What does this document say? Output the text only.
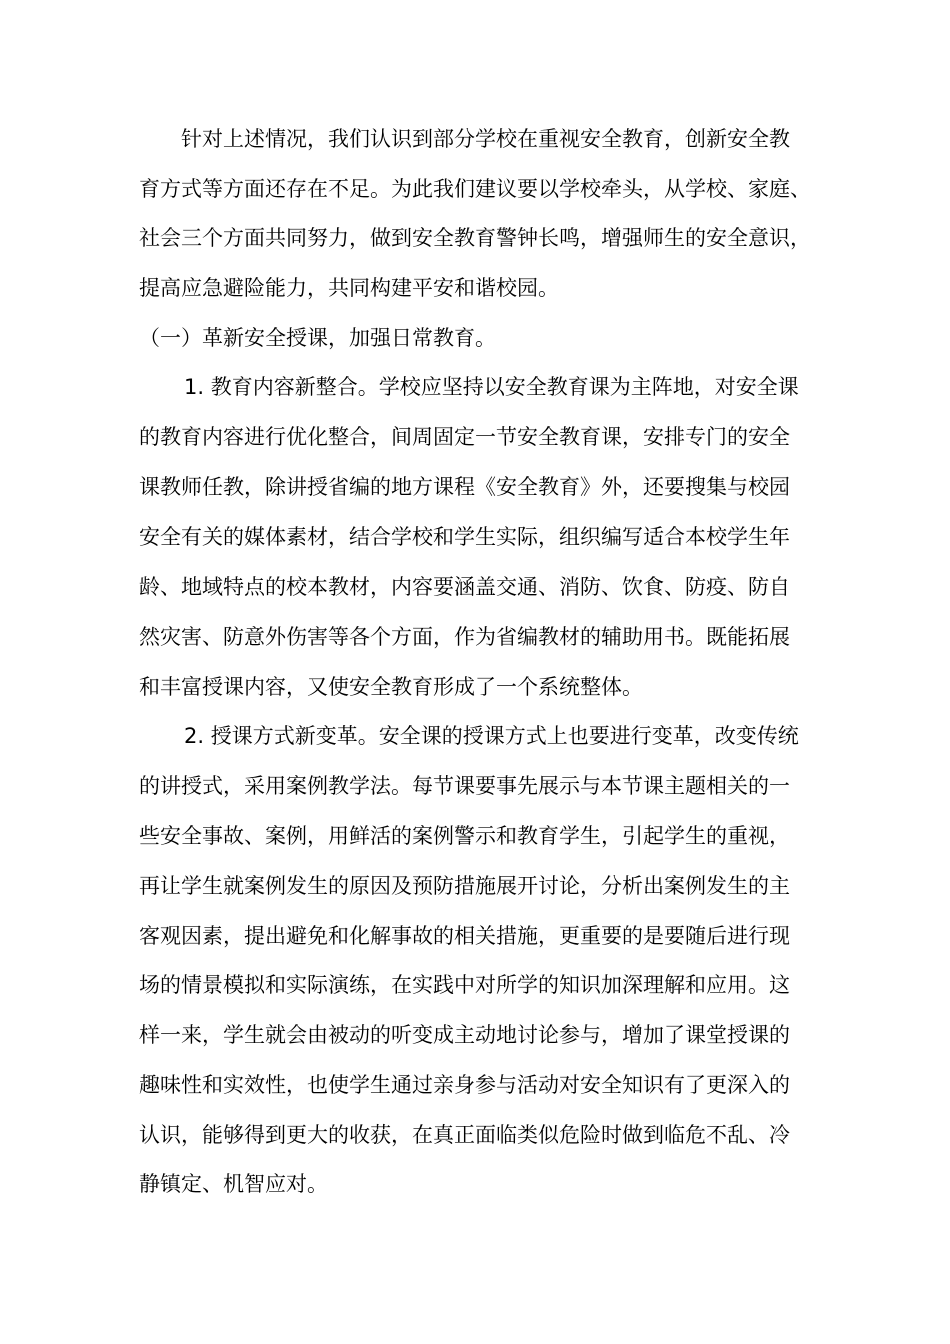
针对上述情况，我们认识到部分学校在重视安全教育，创新安全教
育方式等方面还存在不足。为此我们建议要以学校牵头，从学校、家庭、
社会三个方面共同努力，做到安全教育警钟长鸣，增强师生的安全意识，
提高应急避险能力，共同构建平安和谐校园。
（一）革新安全授课，加强日常教育。
1. 教育内容新整合。学校应坚持以安全教育课为主阵地，对安全课
的教育内容进行优化整合，间周固定一节安全教育课，安排专门的安全
课教师任教，除讲授省编的地方课程《安全教育》外，还要搜集与校园
安全有关的媒体素材，结合学校和学生实际，组织编写适合本校学生年
龄、地域特点的校本教材，内容要涵盖交通、消防、饮食、防疫、防自
然灾害、防意外伤害等各个方面，作为省编教材的辅助用书。既能拓展
和丰富授课内容，又使安全教育形成了一个系统整体。
2. 授课方式新变革。安全课的授课方式上也要进行变革，改变传统
的讲授式，采用案例教学法。每节课要事先展示与本节课主题相关的一
些安全事故、案例，用鲜活的案例警示和教育学生，引起学生的重视，
再让学生就案例发生的原因及预防措施展开讨论，分析出案例发生的主
客观因素，提出避免和化解事故的相关措施，更重要的是要随后进行现
场的情景模拟和实际演练，在实践中对所学的知识加深理解和应用。这
样一来，学生就会由被动的听变成主动地讨论参与，增加了课堂授课的
趣味性和实效性，也使学生通过亲身参与活动对安全知识有了更深入的
认识，能够得到更大的收获，在真正面临类似危险时做到临危不乱、冷
静镇定、机智应对。
